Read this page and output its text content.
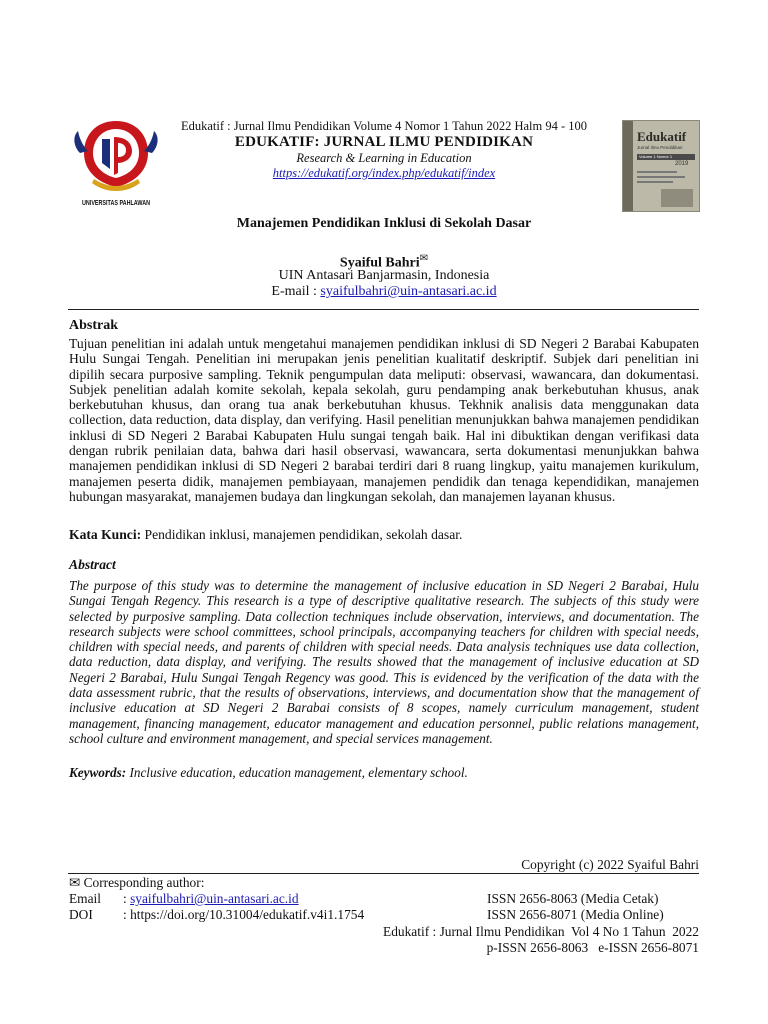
Edukatif : Jurnal Ilmu Pendidikan Volume 4 Nomor 1 Tahun 2022 Halm 94 - 100
EDUKATIF: JURNAL ILMU PENDIDIKAN
Research & Learning in Education
https://edukatif.org/index.php/edukatif/index
UNIVERSITAS PAHLAWAN
Edukatif
Jurnal Ilmu Pendidikan
Volume 1 Nomor 1
2019
Manajemen Pendidikan Inklusi di Sekolah Dasar
Syaiful Bahri✉
UIN Antasari Banjarmasin, Indonesia
E-mail : syaifulbahri@uin-antasari.ac.id
Abstrak
Tujuan penelitian ini adalah untuk mengetahui manajemen pendidikan inklusi di SD Negeri 2 Barabai Kabupaten Hulu Sungai Tengah. Penelitian ini merupakan jenis penelitian kualitatif deskriptif. Subjek dari penelitian ini dipilih secara purposive sampling. Teknik pengumpulan data meliputi: observasi, wawancara, dan dokumentasi. Subjek penelitian adalah komite sekolah, kepala sekolah, guru pendamping anak berkebutuhan khusus, anak berkebutuhan khusus, dan orang tua anak berkebutuhan khusus. Tekhnik analisis data menggunakan data collection, data reduction, data display, dan verifying. Hasil penelitian menunjukkan bahwa manajemen pendidikan inklusi di SD Negeri 2 Barabai Kabupaten Hulu sungai tengah baik. Hal ini dibuktikan dengan verifikasi data dengan rubrik penilaian data, bahwa dari hasil observasi, wawancara, serta dokumentasi menunjukkan bahwa manajemen pendidikan inklusi di SD Negeri 2 barabai terdiri dari 8 ruang lingkup, yaitu manajemen kurikulum, manajemen peserta didik, manajemen pembiayaan, manajemen pendidik dan tenaga kependidikan, manajemen hubungan masyarakat, manajemen budaya dan lingkungan sekolah, dan manajemen layanan khusus.
Kata Kunci: Pendidikan inklusi, manajemen pendidikan, sekolah dasar.
Abstract
The purpose of this study was to determine the management of inclusive education in SD Negeri 2 Barabai, Hulu Sungai Tengah Regency. This research is a type of descriptive qualitative research. The subjects of this study were selected by purposive sampling. Data collection techniques include observation, interviews, and documentation. The research subjects were school committees, school principals, accompanying teachers for children with special needs, children with special needs, and parents of children with special needs. Data analysis techniques use data collection, data reduction, data display, and verifying. The results showed that the management of inclusive education at SD Negeri 2 Barabai, Hulu Sungai Tengah Regency was good. This is evidenced by the verification of the data with the data assessment rubric, that the results of observations, interviews, and documentation show that the management of inclusive education at SD Negeri 2 Barabai consists of 8 scopes, namely curriculum management, student management, financing management, educator management and education personnel, public relations management, school culture and environment management, and special services management.
Keywords: Inclusive education, education management, elementary school.
Copyright (c) 2022 Syaiful Bahri
✉ Corresponding author:
Email : syaifulbahri@uin-antasari.ac.id
DOI : https://doi.org/10.31004/edukatif.v4i1.1754
ISSN 2656-8063 (Media Cetak)
ISSN 2656-8071 (Media Online)
Edukatif : Jurnal Ilmu Pendidikan  Vol 4 No 1 Tahun  2022
p-ISSN 2656-8063   e-ISSN 2656-8071
